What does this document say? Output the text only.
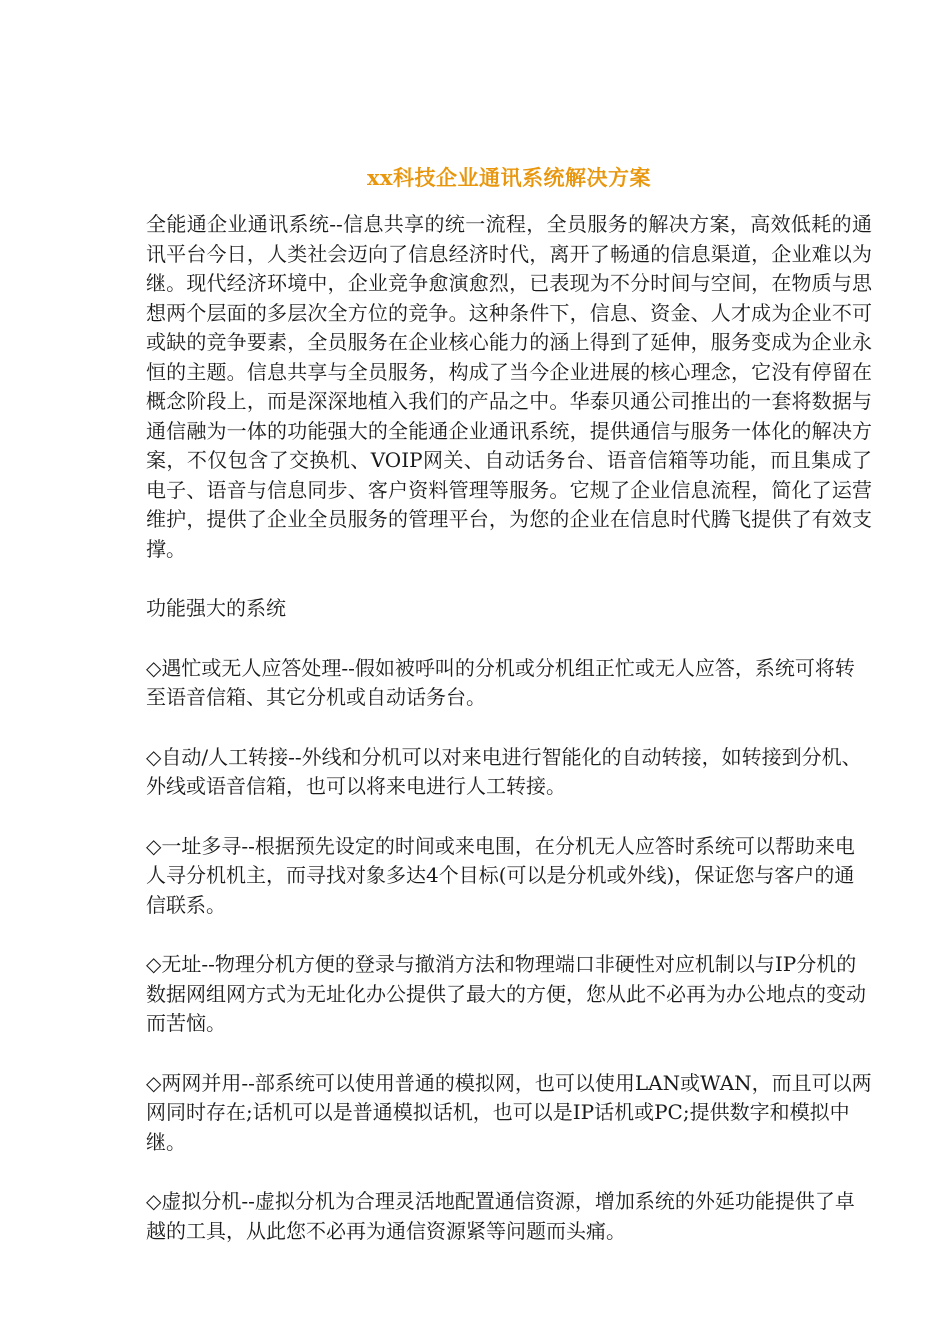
xx科技企业通讯系统解决方案

全能通企业通讯系统--信息共享的统一流程，全员服务的解决方案，高效低耗的通讯平台今日，人类社会迈向了信息经济时代，离开了畅通的信息渠道，企业难以为继。现代经济环境中，企业竞争愈演愈烈，已表现为不分时间与空间，在物质与思想两个层面的多层次全方位的竞争。这种条件下，信息、资金、人才成为企业不可或缺的竞争要素，全员服务在企业核心能力的涵上得到了延伸，服务变成为企业永恒的主题。信息共享与全员服务，构成了当今企业进展的核心理念，它没有停留在概念阶段上，而是深深地植入我们的产品之中。华泰贝通公司推出的一套将数据与通信融为一体的功能强大的全能通企业通讯系统，提供通信与服务一体化的解决方案，不仅包含了交换机、VOIP网关、自动话务台、语音信箱等功能，而且集成了电子、语音与信息同步、客户资料管理等服务。它规了企业信息流程，简化了运营维护，提供了企业全员服务的管理平台，为您的企业在信息时代腾飞提供了有效支撑。

功能强大的系统

◇遇忙或无人应答处理--假如被呼叫的分机或分机组正忙或无人应答，系统可将转至语音信箱、其它分机或自动话务台。

◇自动/人工转接--外线和分机可以对来电进行智能化的自动转接，如转接到分机、外线或语音信箱，也可以将来电进行人工转接。

◇一址多寻--根据预先设定的时间或来电围，在分机无人应答时系统可以帮助来电人寻分机机主，而寻找对象多达4个目标(可以是分机或外线)，保证您与客户的通信联系。

◇无址--物理分机方便的登录与撤消方法和物理端口非硬性对应机制以与IP分机的数据网组网方式为无址化办公提供了最大的方便，您从此不必再为办公地点的变动而苦恼。

◇两网并用--部系统可以使用普通的模拟网，也可以使用LAN或WAN，而且可以两网同时存在;话机可以是普通模拟话机，也可以是IP话机或PC;提供数字和模拟中继。

◇虚拟分机--虚拟分机为合理灵活地配置通信资源，增加系统的外延功能提供了卓越的工具，从此您不必再为通信资源紧等问题而头痛。
